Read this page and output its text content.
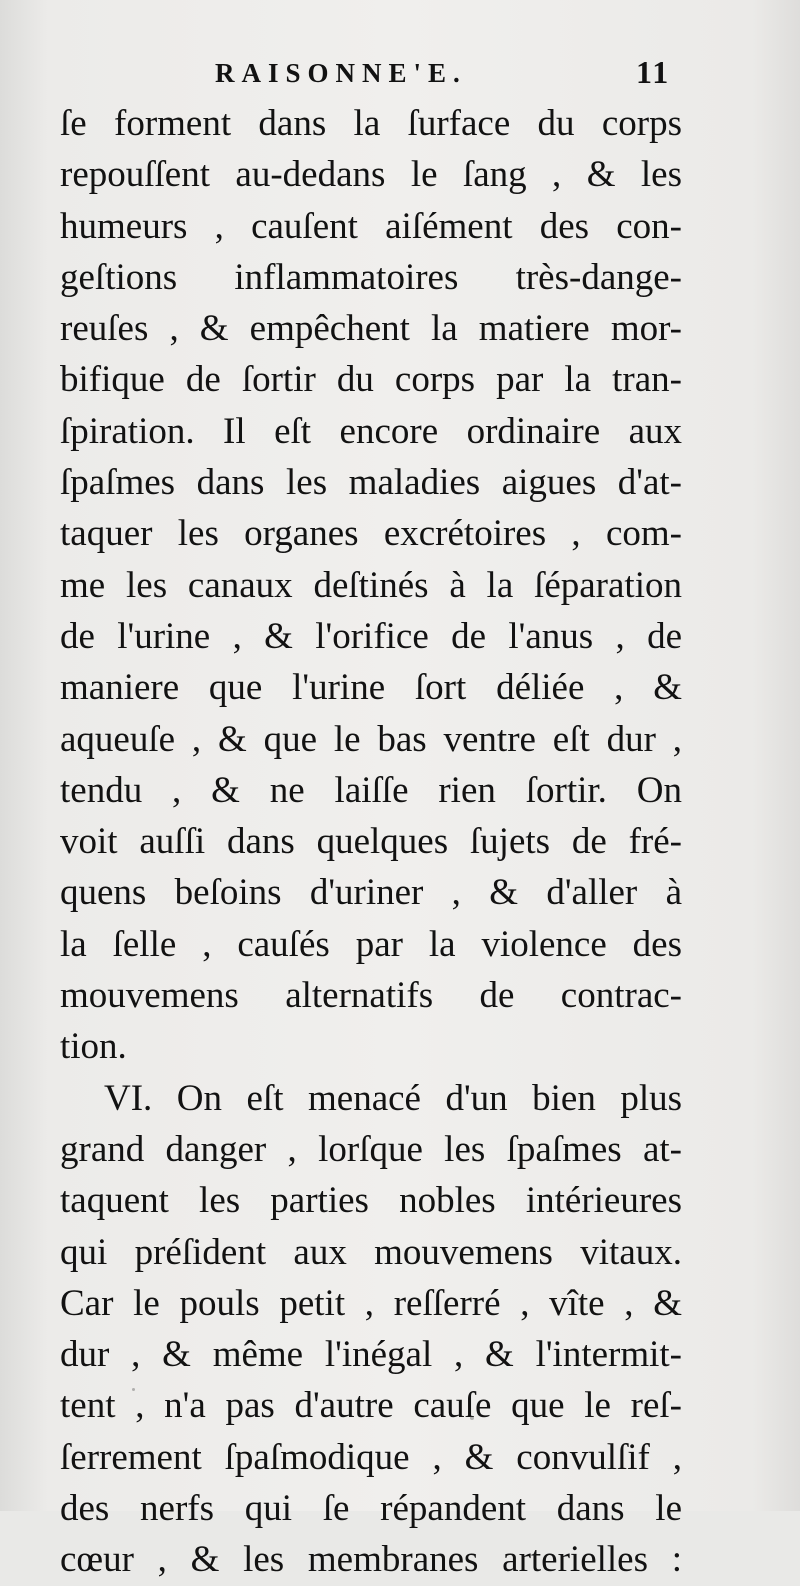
RAISONNE'E.	11
ſe forment dans la ſurface du corps
repouſſent au-dedans le ſang , & les
humeurs , cauſent aiſément des con-
geſtions inflammatoires très-dange-
reuſes , & empêchent la matiere mor-
bifique de ſortir du corps par la tran-
ſpiration. Il eſt encore ordinaire aux
ſpaſmes dans les maladies aigues d'at-
taquer les organes excrétoires , com-
me les canaux deſtinés à la ſéparation
de l'urine , & l'orifice de l'anus , de
maniere que l'urine ſort déliée , &
aqueuſe , & que le bas ventre eſt dur ,
tendu , & ne laiſſe rien ſortir. On
voit auſſi dans quelques ſujets de fré-
quens beſoins d'uriner , & d'aller à
la ſelle , cauſés par la violence des
mouvemens alternatifs de contrac-
tion.
VI. On eſt menacé d'un bien plus
grand danger , lorſque les ſpaſmes at-
taquent les parties nobles intérieures
qui préſident aux mouvemens vitaux.
Car le pouls petit , reſſerré , vîte , &
dur , & même l'inégal , & l'intermit-
tent , n'a pas d'autre cauſe que le reſ-
ſerrement ſpaſmodique , & convulſif ,
des nerfs qui ſe répandent dans le
cœur , & les membranes arterielles :
